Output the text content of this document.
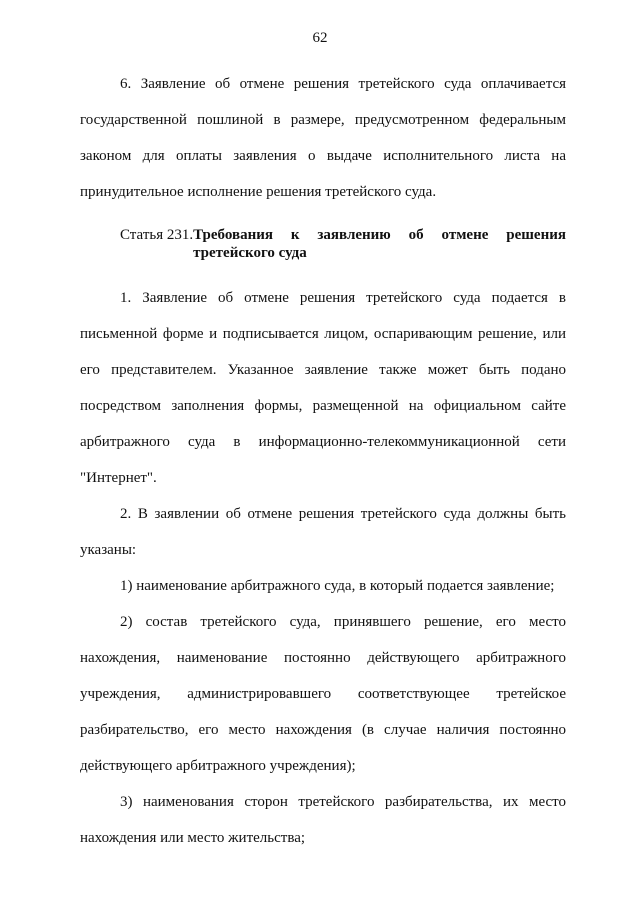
62

6. Заявление об отмене решения третейского суда оплачивается государственной пошлиной в размере, предусмотренном федеральным законом для оплаты заявления о выдаче исполнительного листа на принудительное исполнение решения третейского суда.

Статья 231. Требования к заявлению об отмене решения третейского суда

1. Заявление об отмене решения третейского суда подается в письменной форме и подписывается лицом, оспаривающим решение, или его представителем. Указанное заявление также может быть подано посредством заполнения формы, размещенной на официальном сайте арбитражного суда в информационно-телекоммуникационной сети "Интернет".

2. В заявлении об отмене решения третейского суда должны быть указаны:

1) наименование арбитражного суда, в который подается заявление;

2) состав третейского суда, принявшего решение, его место нахождения, наименование постоянно действующего арбитражного учреждения, администрировавшего соответствующее третейское разбирательство, его место нахождения (в случае наличия постоянно действующего арбитражного учреждения);

3) наименования сторон третейского разбирательства, их место нахождения или место жительства;
